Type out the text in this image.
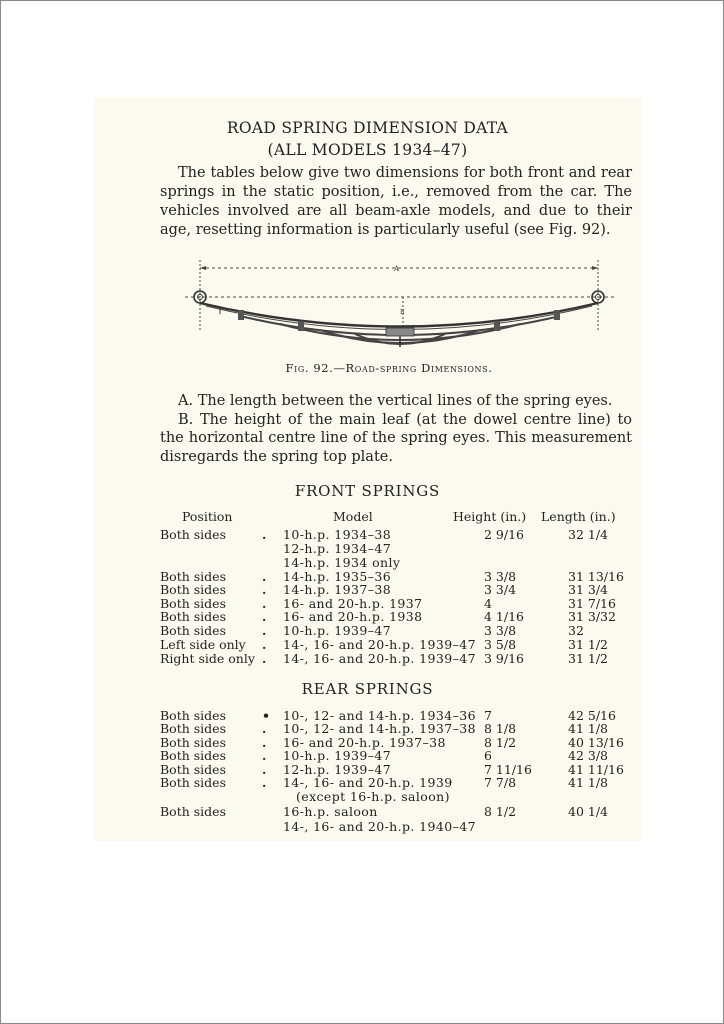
ROAD SPRING DIMENSION DATA
(ALL MODELS 1934–47)

The tables below give two dimensions for both front and rear springs in the static position, i.e., removed from the car. The vehicles involved are all beam-axle models, and due to their age, resetting information is particularly useful (see Fig. 92).

A
B
Fig. 92.—Road-spring Dimensions.

A. The length between the vertical lines of the spring eyes.

B. The height of the main leaf (at the dowel centre line) to the horizontal centre line of the spring eyes. This measurement disregards the spring top plate.

FRONT SPRINGS
Position	Model	Height (in.) Length (in.)
Both sides	. 10-h.p. 1934–38	2 9/16	32 1/4
12-h.p. 1934–47
14-h.p. 1934 only
Both sides	. 14-h.p. 1935–36	3 3/8	31 13/16
Both sides	. 14-h.p. 1937–38	3 3/4	31 3/4
Both sides	. 16- and 20-h.p. 1937	4	31 7/16
Both sides	. 16- and 20-h.p. 1938	4 1/16	31 3/32
Both sides	. 10-h.p. 1939–47	3 3/8	32
Left side only . 14-, 16- and 20-h.p. 1939–47 3 5/8	31 1/2
Right side only . 14-, 16- and 20-h.p. 1939–47 3 9/16	31 1/2
REAR SPRINGS
Both sides	• 10-, 12- and 14-h.p. 1934–36 7	42 5/16
Both sides	. 10-, 12- and 14-h.p. 1937–38 8 1/8	41 1/8
Both sides	. 16- and 20-h.p. 1937–38	8 1/2	40 13/16
Both sides	. 10-h.p. 1939–47	6	42 3/8
Both sides	. 12-h.p. 1939–47	7 11/16	41 11/16
Both sides	. 14-, 16- and 20-h.p. 1939	7 7/8	41 1/8
(except 16-h.p. saloon)
Both sides	16-h.p. saloon	8 1/2	40 1/4
14-, 16- and 20-h.p. 1940–47
